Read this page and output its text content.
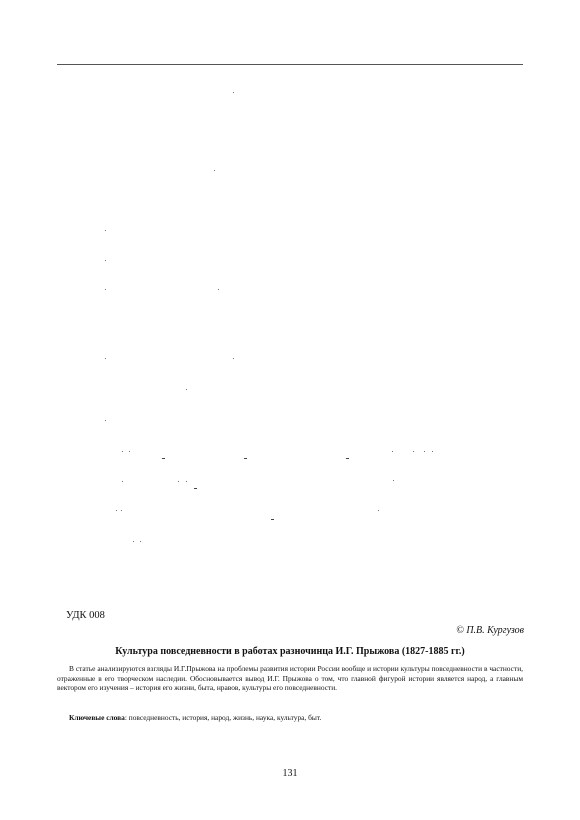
УДК 008
© П.В. Кургузов
Культура повседневности в работах разночинца И.Г. Прыжова (1827-1885 гг.)

В статье анализируются взгляды И.Г.Прыжова на проблемы развития истории России вообще и истории культуры повседневности в частности, отраженные в его творческом наследии. Обосновывается вывод И.Г. Прыжова о том, что главной фигурой истории является народ, а главным вектором его изучения – история его жизни, быта, нравов, культуры его повседневности.

Ключевые слова: повседневность, история, народ, жизнь, наука, культура, быт.

131
